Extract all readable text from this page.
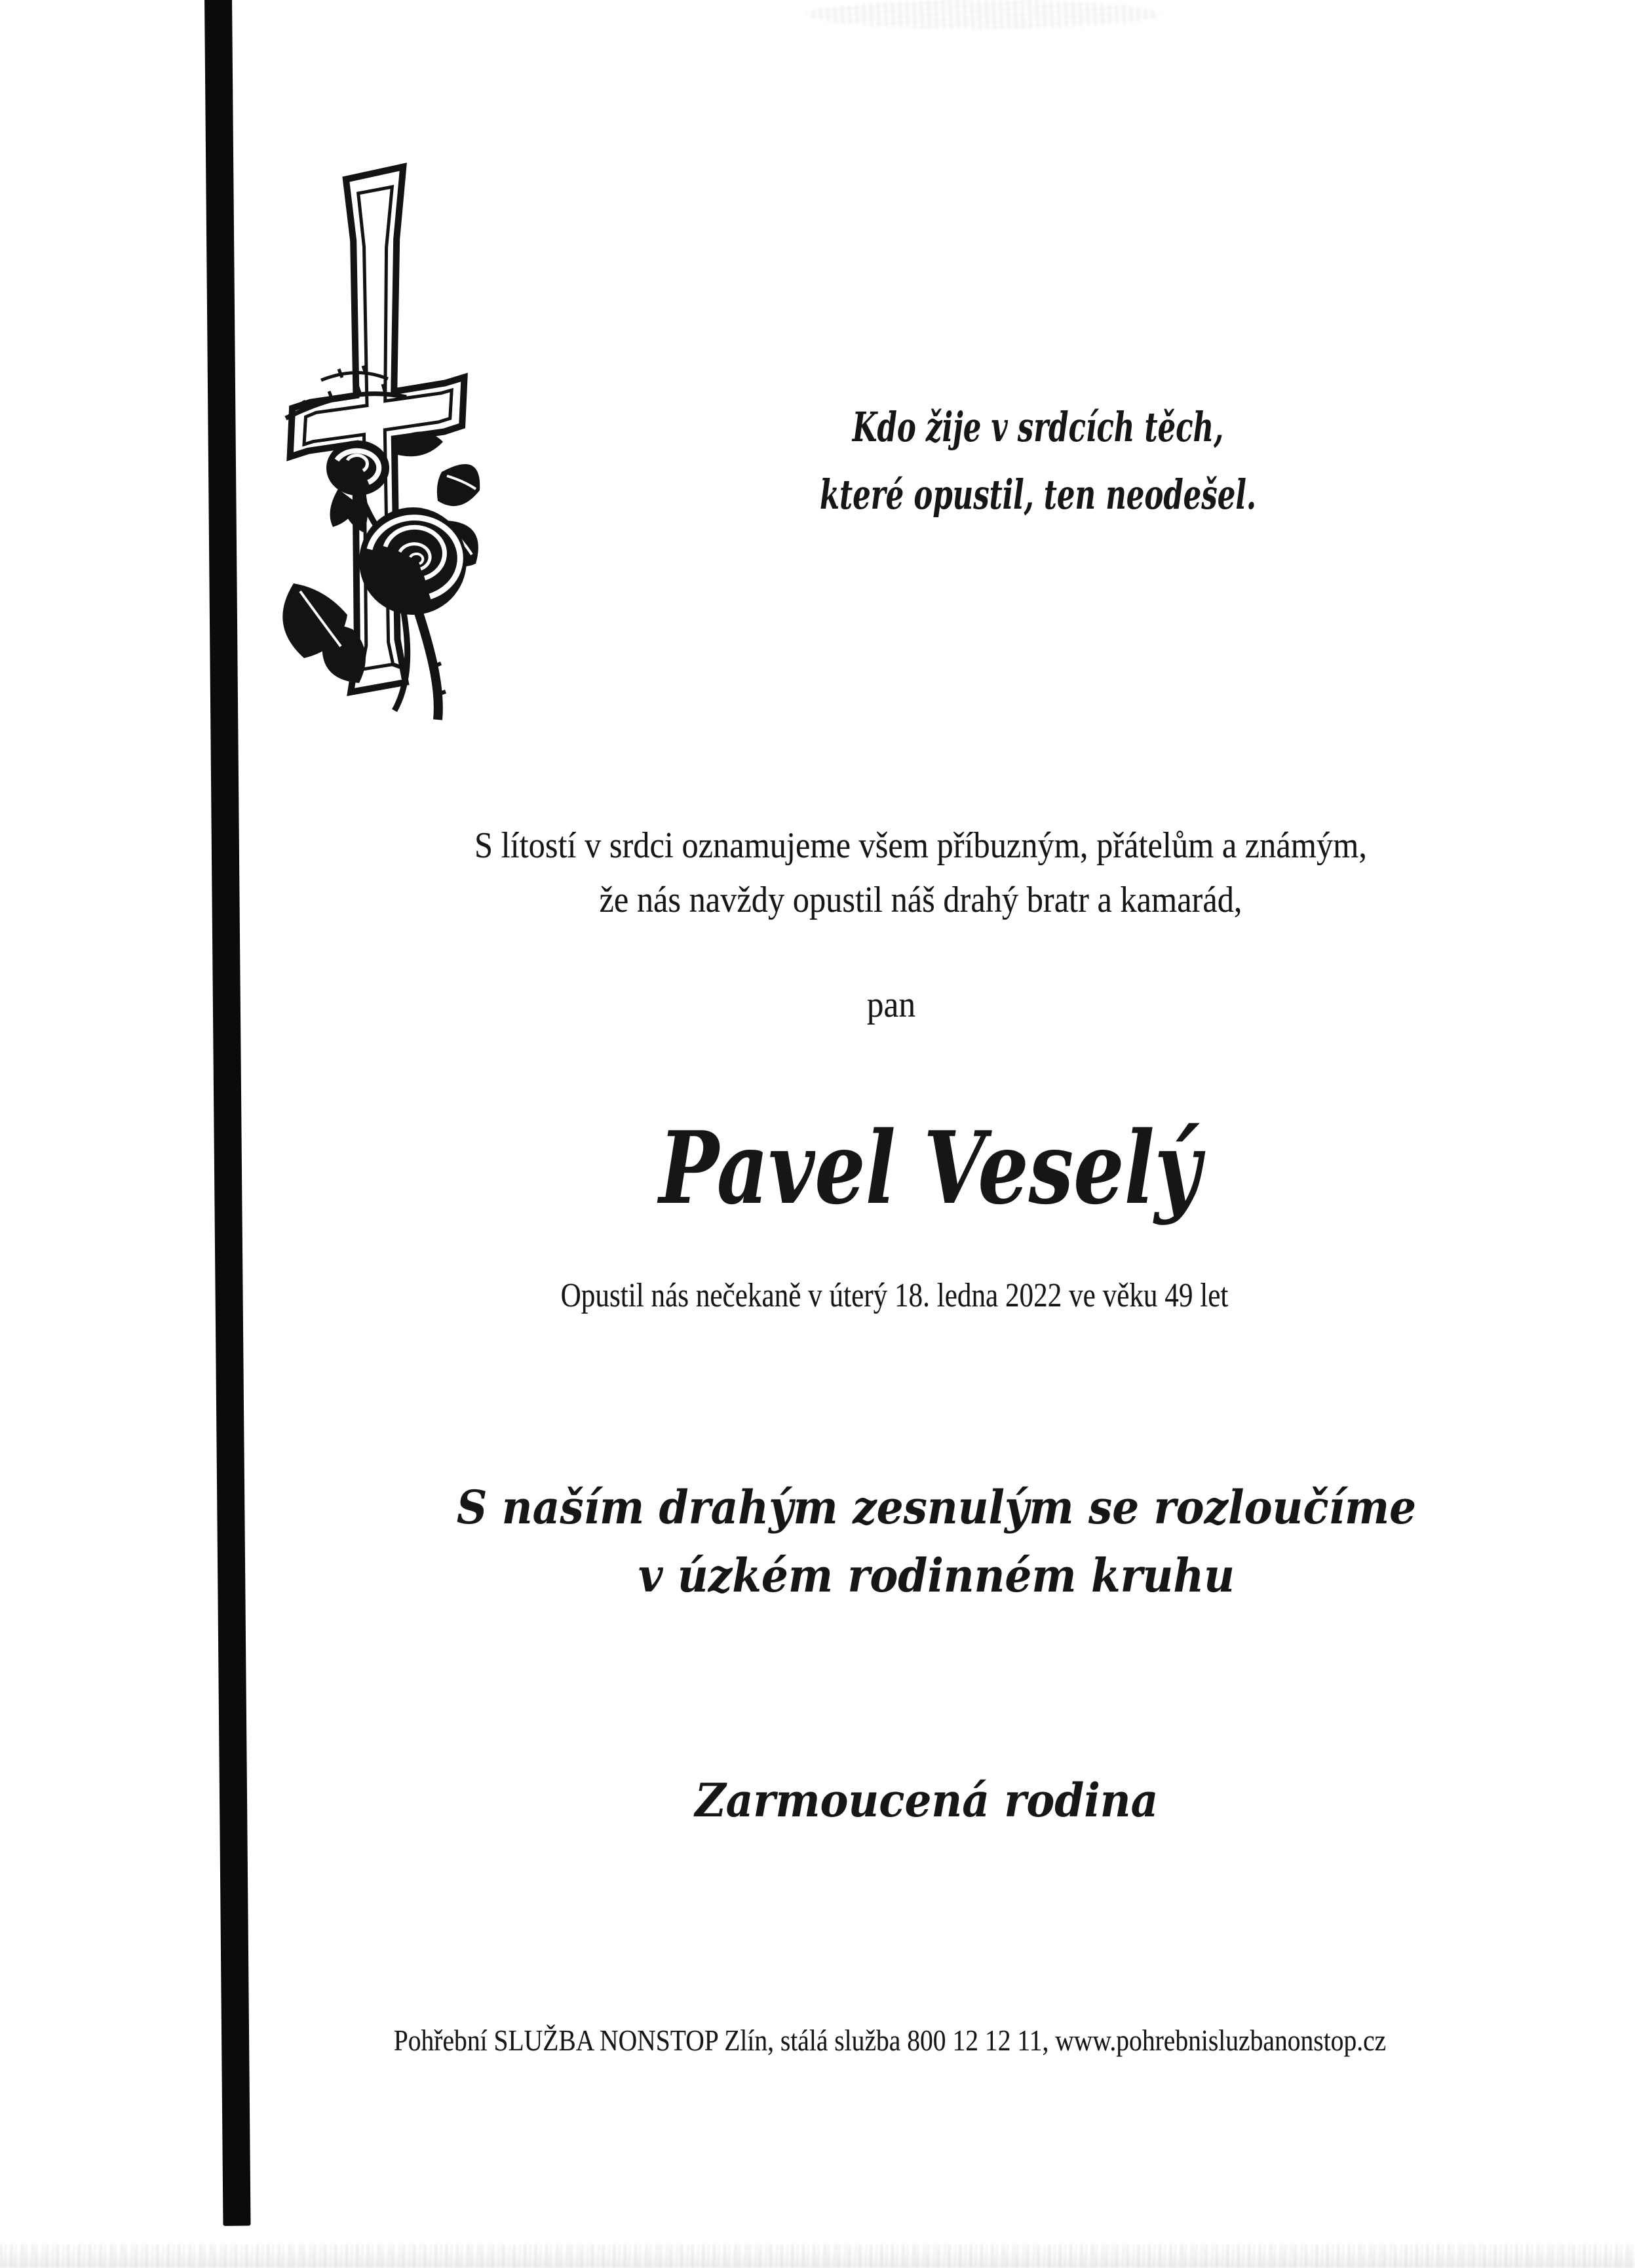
Kdo žije v srdcích těch,

které opustil, ten neodešel.

S lítostí v srdci oznamujeme všem příbuzným, přátelům a známým,

že nás navždy opustil náš drahý bratr a kamarád,

pan

Pavel Veselý

Opustil nás nečekaně v úterý 18. ledna 2022 ve věku 49 let

S naším drahým zesnulým se rozloučíme

v úzkém rodinném kruhu

Zarmoucená rodina

Pohřební SLUŽBA NONSTOP Zlín, stálá služba 800 12 12 11, www.pohrebnisluzbanonstop.cz
